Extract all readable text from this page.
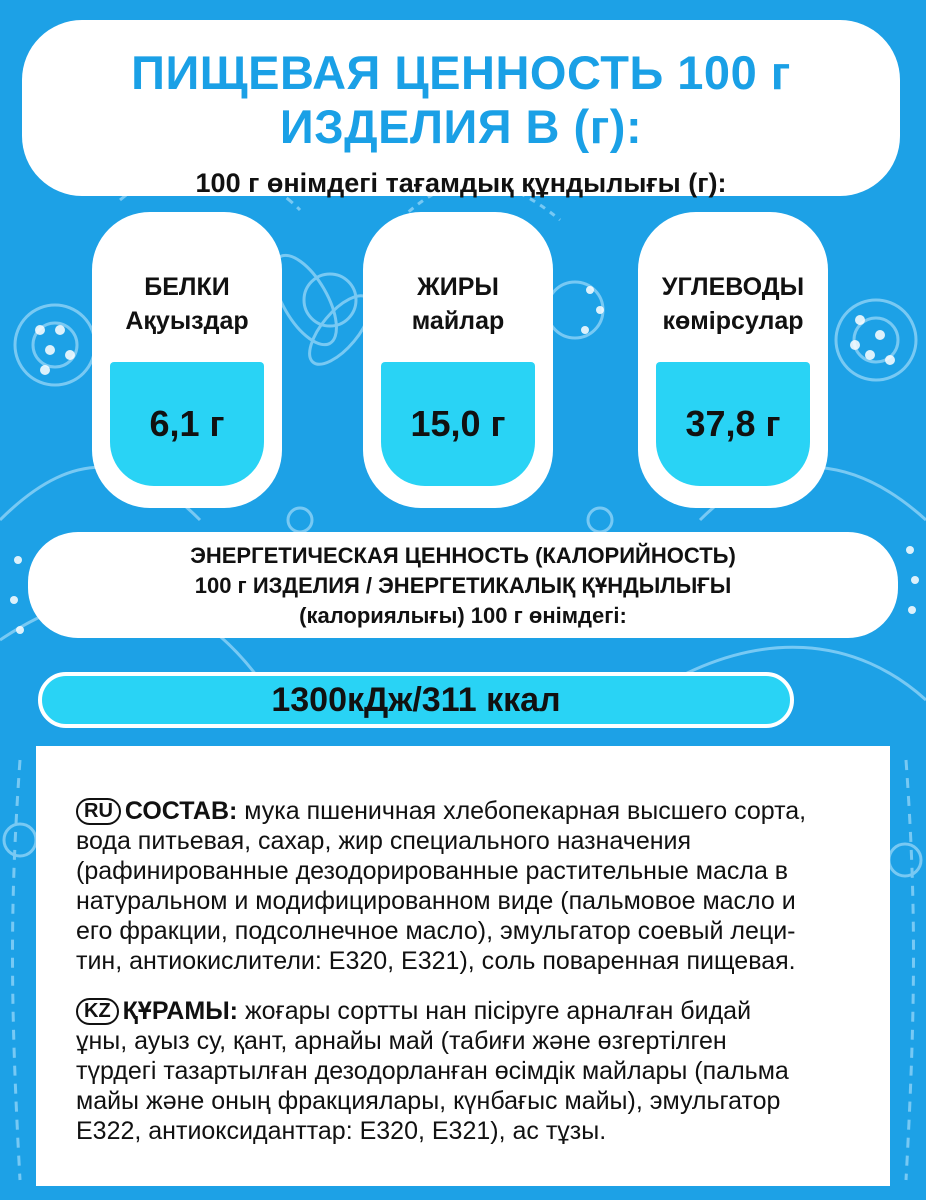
ПИЩЕВАЯ ЦЕННОСТЬ 100 г
ИЗДЕЛИЯ В (г):
100 г өнімдегі тағамдық құндылығы (г):
БЕЛКИ
Ақуыздар
6,1 г
ЖИРЫ
майлар
15,0 г
УГЛЕВОДЫ
көмірсулар
37,8 г
ЭНЕРГЕТИЧЕСКАЯ ЦЕННОСТЬ (КАЛОРИЙНОСТЬ)
100 г ИЗДЕЛИЯ / ЭНЕРГЕТИКАЛЫҚ ҚҰНДЫЛЫҒЫ
(калориялығы) 100 г өнімдегі:
1300кДж/311 ккал
RU СОСТАВ: мука пшеничная хлебопекарная высшего сорта,
вода питьевая, сахар, жир специального назначения
(рафинированные дезодорированные растительные масла в
натуральном и модифицированном виде (пальмовое масло и
его фракции, подсолнечное масло), эмульгатор соевый леци-
тин, антиокислители: Е320, Е321), соль поваренная пищевая.
KZ ҚҰРАМЫ: жоғары сортты нан пісіруге арналған бидай
ұны, ауыз су, қант, арнайы май (табиғи және өзгертілген
түрдегі тазартылған дезодорланған өсімдік майлары (пальма
майы және оның фракциялары, күнбағыс майы), эмульгатор
Е322, антиоксиданттар: Е320, Е321), ас тұзы.
